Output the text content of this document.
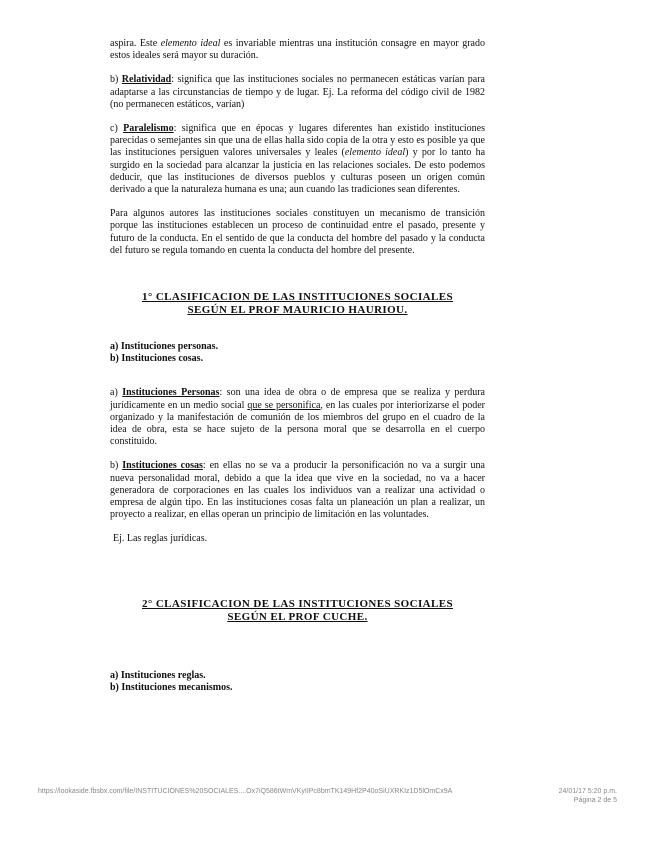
aspira. Este elemento ideal es invariable mientras una institución consagre en mayor grado estos ideales será mayor su duración.

b) Relatividad: significa que las instituciones sociales no permanecen estáticas varían para adaptarse a las circunstancias de tiempo y de lugar. Ej. La reforma del código civil de 1982 (no permanecen estáticos, varían)

c) Paralelismo: significa que en épocas y lugares diferentes han existido instituciones parecidas o semejantes sin que una de ellas halla sido copia de la otra y esto es posible ya que las instituciones persiguen valores universales y leales (elemento ideal) y por lo tanto ha surgido en la sociedad para alcanzar la justicia en las relaciones sociales. De esto podemos deducir, que las instituciones de diversos pueblos y culturas poseen un origen común derivado a que la naturaleza humana es una; aun cuando las tradiciones sean diferentes.

Para algunos autores las instituciones sociales constituyen un mecanismo de transición porque las instituciones establecen un proceso de continuidad entre el pasado, presente y futuro de la conducta. En el sentido de que la conducta del hombre del pasado y la conducta del futuro se regula tomando en cuenta la conducta del hombre del presente.

1° CLASIFICACION DE LAS INSTITUCIONES SOCIALES
SEGÚN EL PROF MAURICIO HAURIOU.

a) Instituciones personas.

b) Instituciones cosas.

a) Instituciones Personas: son una idea de obra o de empresa que se realiza y perdura jurídicamente en un medio social que se personifica, en las cuales por interiorizarse el poder organizado y la manifestación de comunión de los miembros del grupo en el cuadro de la idea de obra, esta se hace sujeto de la persona moral que se desarrolla en el cuerpo constituido.

b) Instituciones cosas: en ellas no se va a producir la personificación no va a surgir una nueva personalidad moral, debido a que la idea que vive en la sociedad, no va a hacer generadora de corporaciones en las cuales los individuos van a realizar una actividad o empresa de algún tipo. En las instituciones cosas falta un planeación un plan a realizar, un proyecto a realizar, en ellas operan un principio de limitación en las voluntades.

Ej. Las reglas jurídicas.

2° CLASIFICACION DE LAS INSTITUCIONES SOCIALES
SEGÚN EL PROF CUCHE.

a) Instituciones reglas.

b) Instituciones mecanismos.

https://lookaside.fbsbx.com/file/INSTITUCIONES%20SOCIALES....Ox7iQ586tWmVKyIIPc8bmTK149Hf2P40oSiUXRKIz1D5lOmCx9A	24/01/17 5:20 p.m.
Página 2 de 5
